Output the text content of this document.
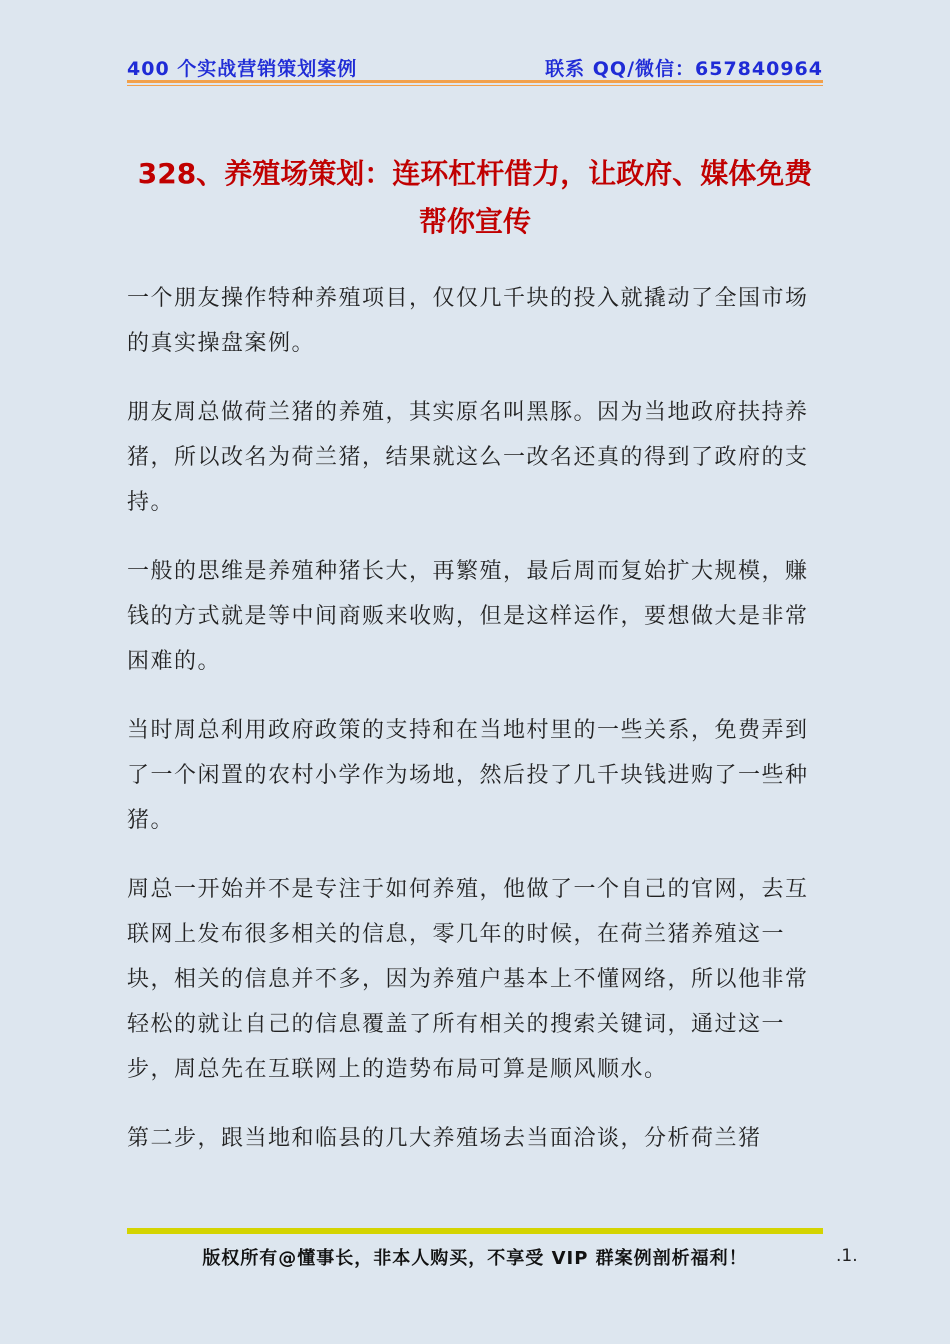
400 个实战营销策划案例	联系 QQ/微信：657840964
328、养殖场策划：连环杠杆借力，让政府、媒体免费帮你宣传

一个朋友操作特种养殖项目，仅仅几千块的投入就撬动了全国市场的真实操盘案例。

朋友周总做荷兰猪的养殖，其实原名叫黑豚。因为当地政府扶持养猪，所以改名为荷兰猪，结果就这么一改名还真的得到了政府的支持。

一般的思维是养殖种猪长大，再繁殖，最后周而复始扩大规模，赚钱的方式就是等中间商贩来收购，但是这样运作，要想做大是非常困难的。

当时周总利用政府政策的支持和在当地村里的一些关系，免费弄到了一个闲置的农村小学作为场地，然后投了几千块钱进购了一些种猪。

周总一开始并不是专注于如何养殖，他做了一个自己的官网，去互联网上发布很多相关的信息，零几年的时候，在荷兰猪养殖这一块，相关的信息并不多，因为养殖户基本上不懂网络，所以他非常轻松的就让自己的信息覆盖了所有相关的搜索关键词，通过这一步，周总先在互联网上的造势布局可算是顺风顺水。

第二步，跟当地和临县的几大养殖场去当面洽谈，分析荷兰猪

版权所有@懂事长，非本人购买，不享受 VIP 群案例剖析福利！	.1.
